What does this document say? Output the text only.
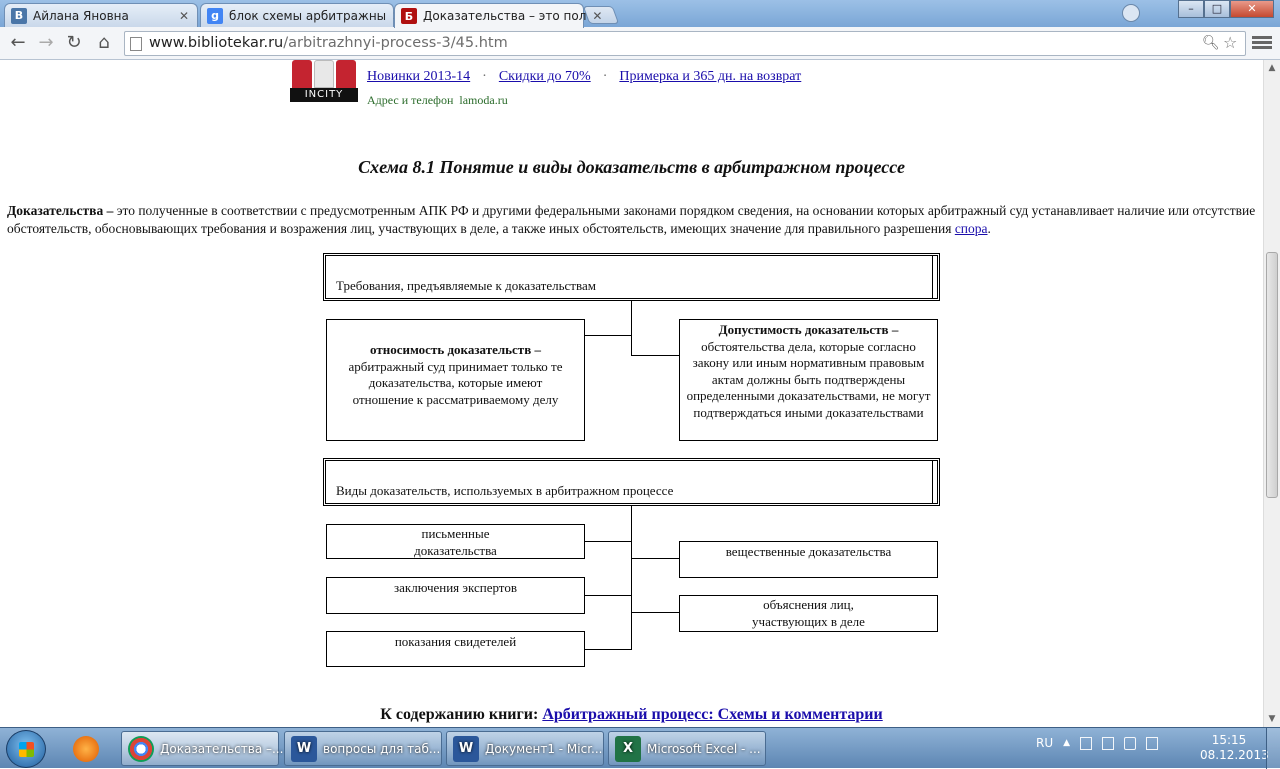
В Айлана Яновна	✕	g блок схемы арбитражны	Б Доказательства – это пол ✕
–	□	✕
← → ↻ ⌂	www.bibliotekar.ru/arbitrazhnyi-process-3/45.htm	🔍︎ ☆
INCITY
Новинки 2013-14 · Скидки до 70% · Примерка и 365 дн. на возврат
Адрес и телефон lamoda.ru
Схема 8.1 Понятие и виды доказательств в арбитражном процессе
Доказательства – это полученные в соответствии с предусмотренным АПК РФ и другими федеральными законами порядком сведения, на основании которых арбитражный суд устанавливает наличие или отсутствие обстоятельств, обосновывающих требования и возражения лиц, участвующих в деле, а также иных обстоятельств, имеющих значение для правильного разрешения спора.
Требования, предъявляемые к доказательствам
относимость доказательств –
арбитражный суд принимает только те доказательства, которые имеют отношение к рассматриваемому делу
Допустимость доказательств –
обстоятельства дела, которые согласно закону или иным нормативным правовым актам должны быть подтверждены определенными доказательствами, не могут подтверждаться иными доказательствами
Виды доказательств, используемых в арбитражном процессе
письменные
доказательства
заключения экспертов
показания свидетелей
вещественные доказательства
объяснения лиц,
участвующих в деле
К содержанию книги: Арбитражный процесс: Схемы и комментарии
▲
▼
Доказательства –...	W вопросы для таб...	W Документ1 - Micr...	X	Microsoft Excel - ...	RU ▲	15:15
08.12.2013
